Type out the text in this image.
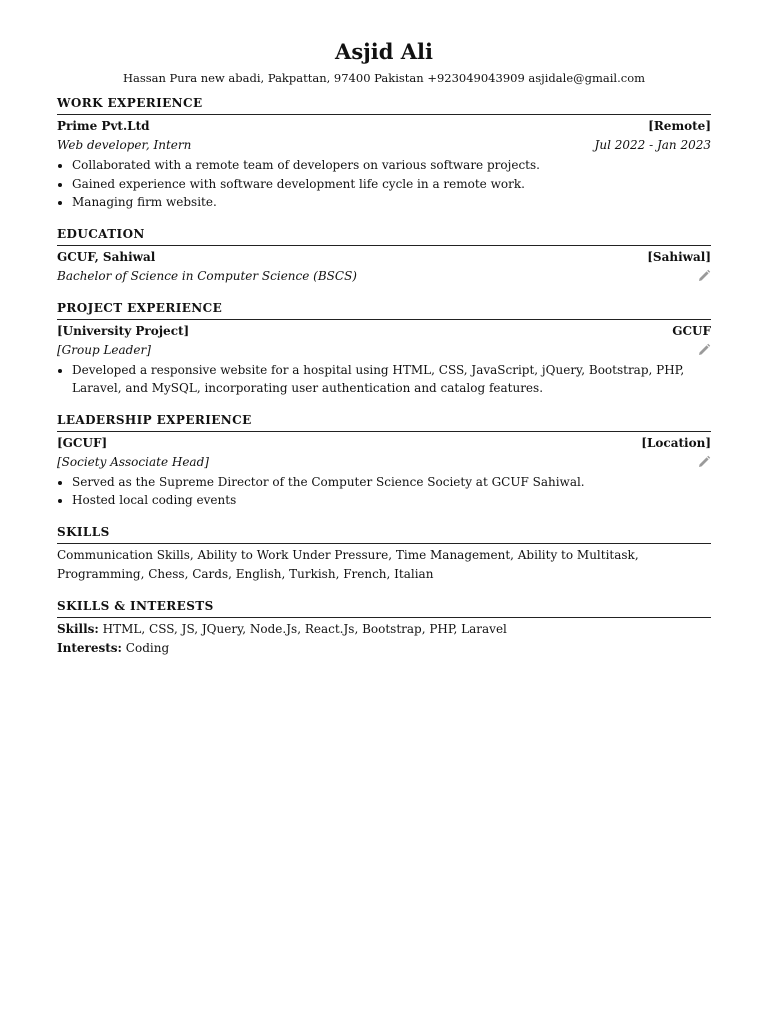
Asjid Ali
Hassan Pura new abadi, Pakpattan, 97400 Pakistan +923049043909 asjidale@gmail.com
WORK EXPERIENCE
Prime Pvt.Ltd	[Remote]
Web developer, Intern	Jul 2022 - Jan 2023
• Collaborated with a remote team of developers on various software projects.
• Gained experience with software development life cycle in a remote work.
• Managing firm website.
EDUCATION
GCUF, Sahiwal	[Sahiwal]
Bachelor of Science in Computer Science (BSCS)
PROJECT EXPERIENCE
[University Project]	GCUF
[Group Leader]
• Developed a responsive website for a hospital using HTML, CSS, JavaScript, jQuery, Bootstrap, PHP, Laravel, and MySQL, incorporating user authentication and catalog features.
LEADERSHIP EXPERIENCE
[GCUF]	[Location]
[Society Associate Head]
• Served as the Supreme Director of the Computer Science Society at GCUF Sahiwal.
• Hosted local coding events
SKILLS
Communication Skills, Ability to Work Under Pressure, Time Management, Ability to Multitask, Programming, Chess, Cards, English, Turkish, French, Italian
SKILLS & INTERESTS
Skills: HTML, CSS, JS, JQuery, Node.Js, React.Js, Bootstrap, PHP, Laravel
Interests: Coding
